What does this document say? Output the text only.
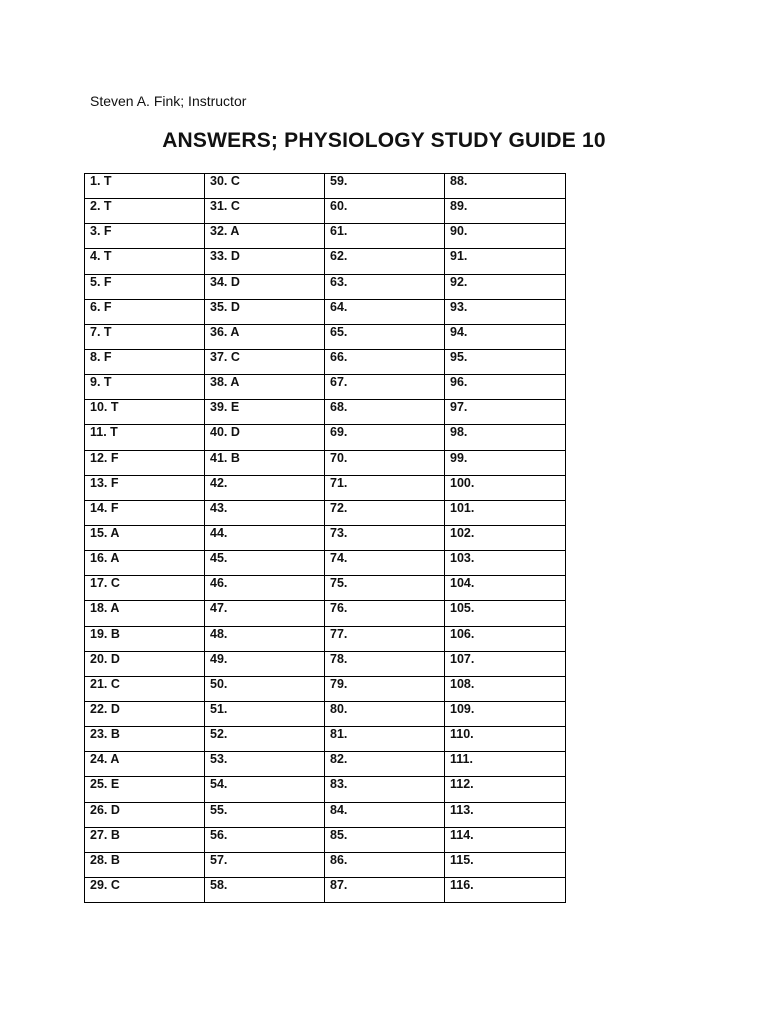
Steven A. Fink; Instructor
ANSWERS; PHYSIOLOGY STUDY GUIDE 10
1. T	30. C	59.	88.
2. T	31. C	60.	89.
3. F	32. A	61.	90.
4. T	33. D	62.	91.
5. F	34. D	63.	92.
6. F	35. D	64.	93.
7. T	36. A	65.	94.
8. F	37. C	66.	95.
9. T	38. A	67.	96.
10. T	39. E	68.	97.
11. T	40. D	69.	98.
12. F	41. B	70.	99.
13. F	42.	71.	100.
14. F	43.	72.	101.
15. A	44.	73.	102.
16. A	45.	74.	103.
17. C	46.	75.	104.
18. A	47.	76.	105.
19. B	48.	77.	106.
20. D	49.	78.	107.
21. C	50.	79.	108.
22. D	51.	80.	109.
23. B	52.	81.	110.
24. A	53.	82.	111.
25. E	54.	83.	112.
26. D	55.	84.	113.
27. B	56.	85.	114.
28. B	57.	86.	115.
29. C	58.	87.	116.
